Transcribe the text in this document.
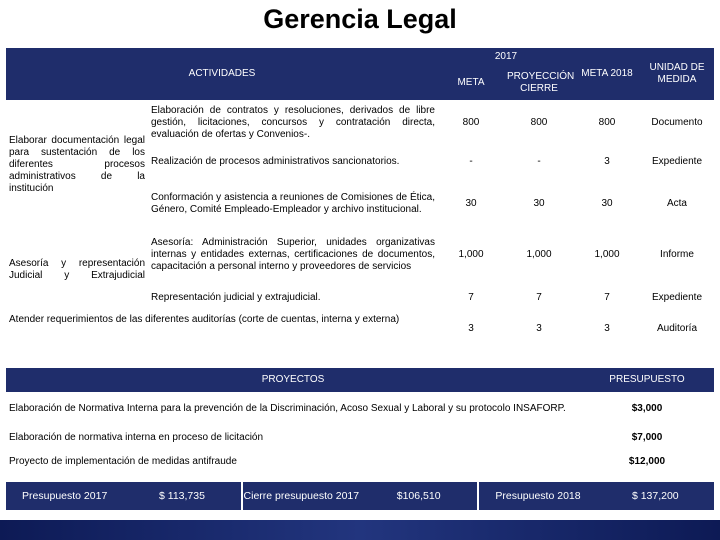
Gerencia Legal
ACTIVIDADES		2017		META 2018	UNIDAD DE MEDIDA
		META	PROYECCIÓN CIERRE		

Elaborar documentación legal para sustentación de los diferentes procesos administrativos de la institución	Elaboración de contratos y resoluciones, derivados de libre gestión, licitaciones, concursos y contratación directa, evaluación de ofertas y Convenios-.	800	800	800	Documento
	Realización de procesos administrativos sancionatorios.	-	-	3	Expediente
	Conformación y asistencia a reuniones de Comisiones de Ética, Género, Comité Empleado-Empleador y archivo institucional.	30	30	30	Acta
Asesoría y representación Judicial y Extrajudicial	Asesoría: Administración Superior, unidades organizativas internas y entidades externas, certificaciones de documentos, capacitación a personal interno y proveedores de servicios	1,000	1,000	1,000	Informe
	Representación judicial y extrajudicial.	7	7	7	Expediente
Atender requerimientos de las diferentes auditorías (corte de cuentas, interna y externa)		3	3	3	Auditoría
PROYECTOS	PRESUPUESTO
Elaboración de Normativa Interna para la prevención de la Discriminación, Acoso Sexual y Laboral y su protocolo INSAFORP.	$3,000
Elaboración de normativa interna en proceso de licitación	$7,000
Proyecto de implementación de medidas antifraude	$12,000
Presupuesto 2017	$ 113,735	Cierre presupuesto 2017	$106,510	Presupuesto 2018	$ 137,200
